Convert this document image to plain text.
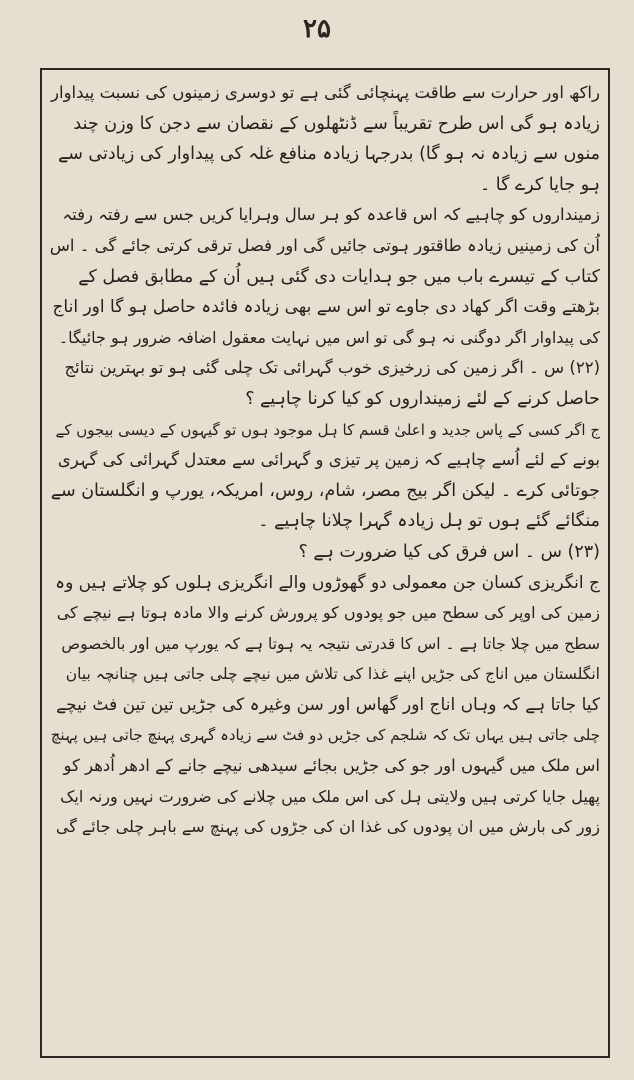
۲۵
راکھ اور حرارت سے طاقت پہنچائی گئی ہے تو دوسری زمینوں کی نسبت پیداوار
زیادہ ہو گی اس طرح تقریباً سے ڈنٹھلوں کے نقصان سے دجن کا وزن چند
منوں سے زیادہ نہ ہو گا) بدرجہا زیادہ منافع غلہ کی پیداوار کی زیادتی سے
ہو جایا کرے گا ۔
زمینداروں کو چاہیے کہ اس قاعدہ کو ہر سال وہرایا کریں جس سے رفتہ رفتہ
اُن کی زمینیں زیادہ طاقتور ہوتی جائیں گی اور فصل ترقی کرتی جائے گی ۔ اس
کتاب کے تیسرے باب میں جو ہدایات دی گئی ہیں اُن کے مطابق فصل کے
بڑھتے وقت اگر کھاد دی جاوے تو اس سے بھی زیادہ فائدہ حاصل ہو گا اور اناج
کی پیداوار اگر دوگنی نہ ہو گی تو اس میں نہایت معقول اضافہ ضرور ہو جائیگا۔
(۲۲) س ۔ اگر زمین کی زرخیزی خوب گہرائی تک چلی گئی ہو تو بہترین نتائج
حاصل کرنے کے لئے زمینداروں کو کیا کرنا چاہیے ؟
ج اگر کسی کے پاس جدید و اعلیٰ قسم کا ہل موجود ہوں تو گیہوں کے دیسی بیجوں کے
بونے کے لئے اُسے چاہیے کہ زمین پر تیزی و گہرائی سے معتدل گہرائی کی گہری
جوتائی کرے ۔ لیکن اگر بیج مصر، شام، روس، امریکہ، یورپ و انگلستان سے
منگائے گئے ہوں تو ہل زیادہ گہرا چلانا چاہیے ۔
(۲۳) س ۔ اس فرق کی کیا ضرورت ہے ؟
ج انگریزی کسان جن معمولی دو گھوڑوں والے انگریزی ہلوں کو چلاتے ہیں وہ
زمین کی اوپر کی سطح میں جو پودوں کو پرورش کرنے والا مادہ ہوتا ہے نیچے کی
سطح میں چلا جاتا ہے ۔ اس کا قدرتی نتیجہ یہ ہوتا ہے کہ یورپ میں اور بالخصوص
انگلستان میں اناج کی جڑیں اپنے غذا کی تلاش میں نیچے چلی جاتی ہیں چنانچہ بیان
کیا جاتا ہے کہ وہاں اناج اور گھاس اور سن وغیرہ کی جڑیں تین تین فٹ نیچے
چلی جاتی ہیں یہاں تک کہ شلجم کی جڑیں دو فٹ سے زیادہ گہری پہنچ جاتی ہیں پہنچ
اس ملک میں گیہوں اور جو کی جڑیں بجائے سیدھی نیچے جانے کے ادھر اُدھر کو
پھیل جایا کرتی ہیں ولایتی ہل کی اس ملک میں چلانے کی ضرورت نہیں ورنہ ایک
زور کی بارش میں ان پودوں کی غذا ان کی جڑوں کی پہنچ سے باہر چلی جائے گی
